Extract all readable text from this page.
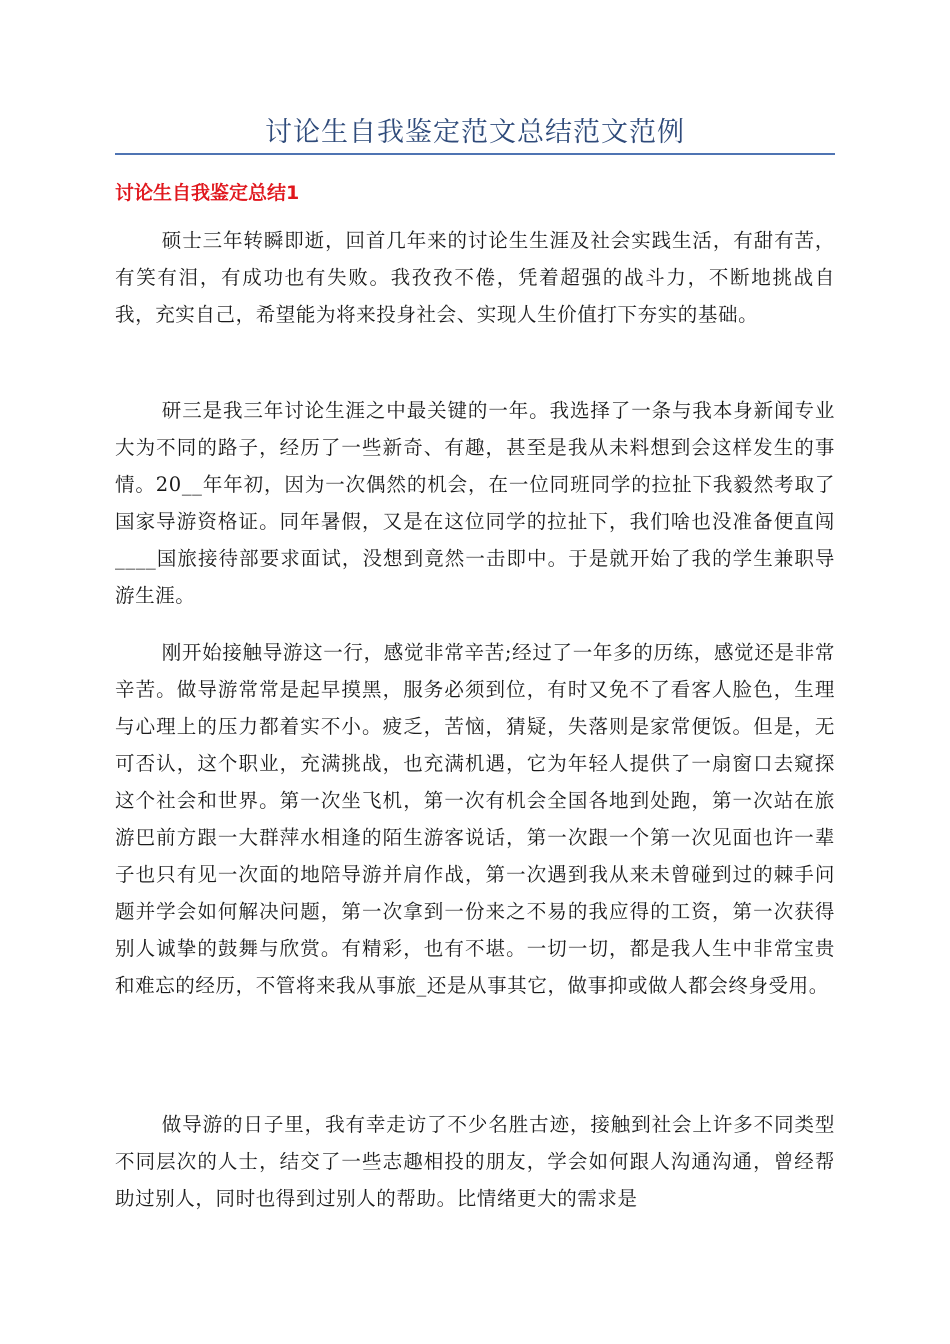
讨论生自我鉴定范文总结范文范例
讨论生自我鉴定总结1

硕士三年转瞬即逝，回首几年来的讨论生生涯及社会实践生活，有甜有苦，有笑有泪，有成功也有失败。我孜孜不倦，凭着超强的战斗力，不断地挑战自我，充实自己，希望能为将来投身社会、实现人生价值打下夯实的基础。

研三是我三年讨论生涯之中最关键的一年。我选择了一条与我本身新闻专业大为不同的路子，经历了一些新奇、有趣，甚至是我从未料想到会这样发生的事情。20__年年初，因为一次偶然的机会，在一位同班同学的拉扯下我毅然考取了国家导游资格证。同年暑假，又是在这位同学的拉扯下，我们啥也没准备便直闯____国旅接待部要求面试，没想到竟然一击即中。于是就开始了我的学生兼职导游生涯。

刚开始接触导游这一行，感觉非常辛苦;经过了一年多的历练，感觉还是非常辛苦。做导游常常是起早摸黑，服务必须到位，有时又免不了看客人脸色，生理与心理上的压力都着实不小。疲乏，苦恼，猜疑，失落则是家常便饭。但是，无可否认，这个职业，充满挑战，也充满机遇，它为年轻人提供了一扇窗口去窥探这个社会和世界。第一次坐飞机，第一次有机会全国各地到处跑，第一次站在旅游巴前方跟一大群萍水相逢的陌生游客说话，第一次跟一个第一次见面也许一辈子也只有见一次面的地陪导游并肩作战，第一次遇到我从来未曾碰到过的棘手问题并学会如何解决问题，第一次拿到一份来之不易的我应得的工资，第一次获得别人诚挚的鼓舞与欣赏。有精彩，也有不堪。一切一切，都是我人生中非常宝贵和难忘的经历，不管将来我从事旅_还是从事其它，做事抑或做人都会终身受用。

做导游的日子里，我有幸走访了不少名胜古迹，接触到社会上许多不同类型不同层次的人士，结交了一些志趣相投的朋友，学会如何跟人沟通沟通，曾经帮助过别人，同时也得到过别人的帮助。比情绪更大的需求是
